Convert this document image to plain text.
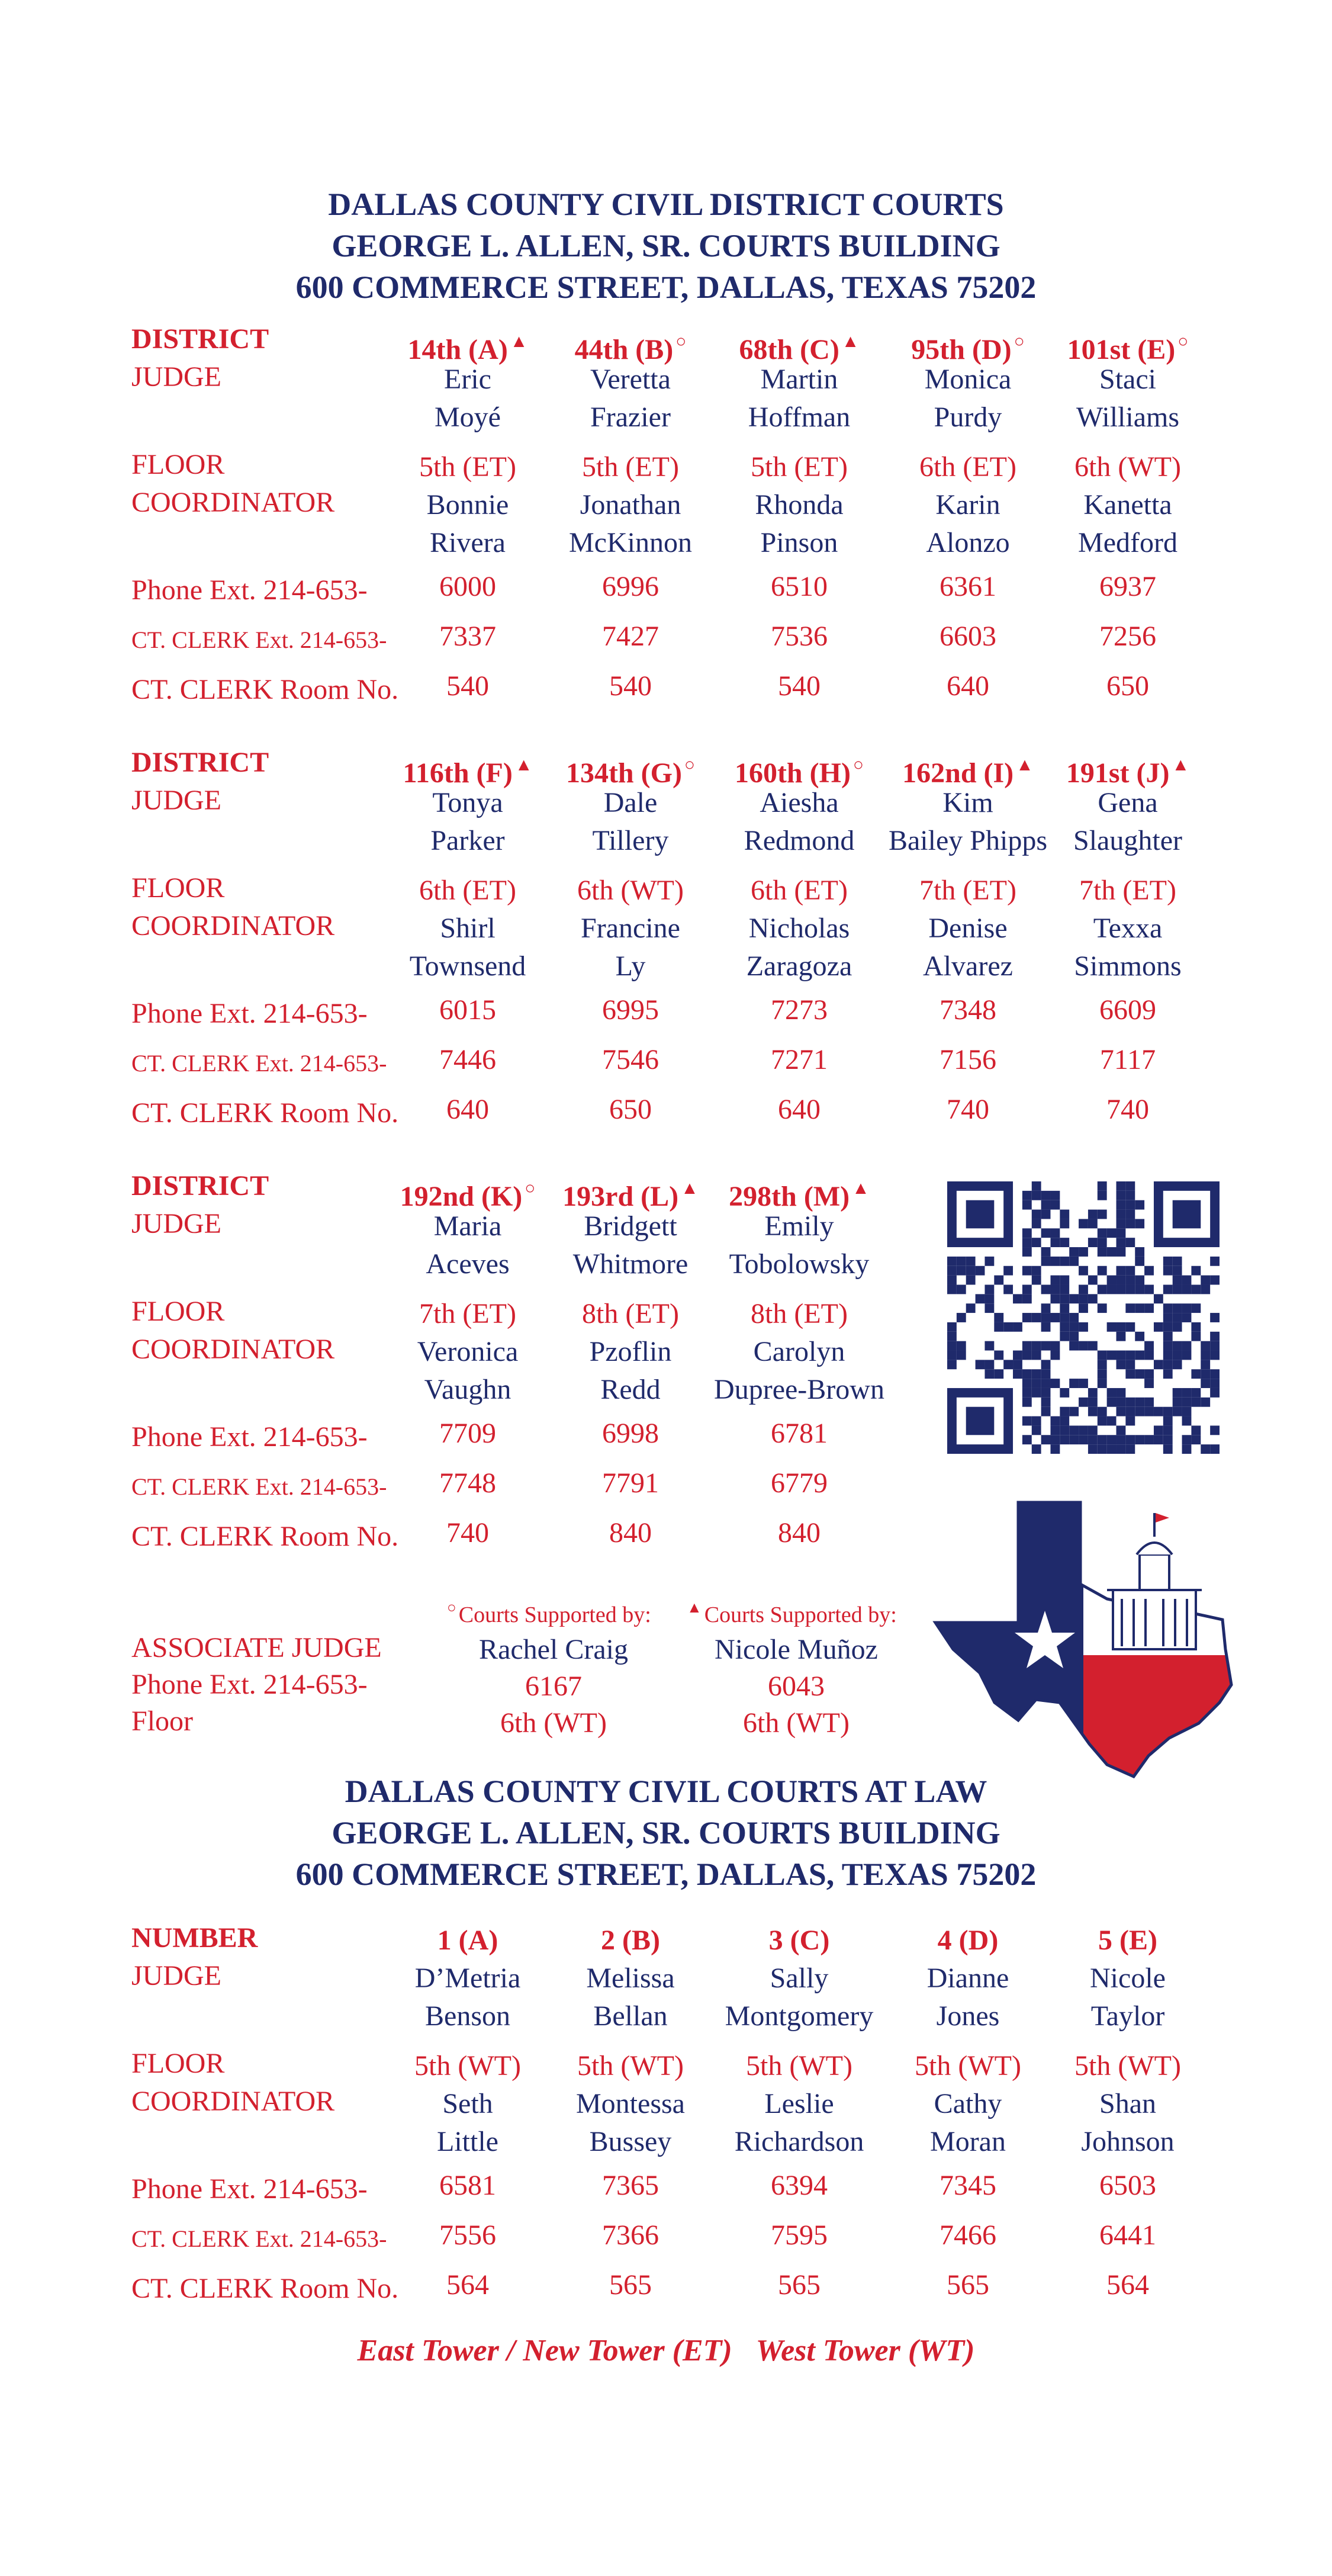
DALLAS COUNTY CIVIL DISTRICT COURTS
GEORGE L. ALLEN, SR. COURTS BUILDING
600 COMMERCE STREET, DALLAS, TEXAS 75202
DISTRICT
JUDGE
FLOOR
COORDINATOR
Phone Ext. 214-653-
CT. CLERK Ext. 214-653-
CT. CLERK Room No.
14th (A) ▲
Eric
Moyé
5th (ET)
Bonnie
Rivera
6000
7337
540
44th (B) ○
Veretta
Frazier
5th (ET)
Jonathan
McKinnon
6996
7427
540
68th (C) ▲
Martin
Hoffman
5th (ET)
Rhonda
Pinson
6510
7536
540
95th (D) ○
Monica
Purdy
6th (ET)
Karin
Alonzo
6361
6603
640
101st (E) ○
Staci
Williams
6th (WT)
Kanetta
Medford
6937
7256
650
DISTRICT
JUDGE
FLOOR
COORDINATOR
Phone Ext. 214-653-
CT. CLERK Ext. 214-653-
CT. CLERK Room No.
116th (F) ▲
Tonya
Parker
6th (ET)
Shirl
Townsend
6015
7446
640
134th (G) ○
Dale
Tillery
6th (WT)
Francine
Ly
6995
7546
650
160th (H) ○
Aiesha
Redmond
6th (ET)
Nicholas
Zaragoza
7273
7271
640
162nd (I) ▲
Kim
Bailey Phipps
7th (ET)
Denise
Alvarez
7348
7156
740
191st (J) ▲
Gena
Slaughter
7th (ET)
Texxa
Simmons
6609
7117
740
DISTRICT
JUDGE
FLOOR
COORDINATOR
Phone Ext. 214-653-
CT. CLERK Ext. 214-653-
CT. CLERK Room No.
192nd (K) ○
Maria
Aceves
7th (ET)
Veronica
Vaughn
7709
7748
740
193rd (L) ▲
Bridgett
Whitmore
8th (ET)
Pzoflin
Redd
6998
7791
840
298th (M) ▲
Emily
Tobolowsky
8th (ET)
Carolyn
Dupree-Brown
6781
6779
840
NUMBER
JUDGE
FLOOR
COORDINATOR
Phone Ext. 214-653-
CT. CLERK Ext. 214-653-
CT. CLERK Room No.
1 (A)
D’Metria
Benson
5th (WT)
Seth
Little
6581
7556
564
2 (B)
Melissa
Bellan
5th (WT)
Montessa
Bussey
7365
7366
565
3 (C)
Sally
Montgomery
5th (WT)
Leslie
Richardson
6394
7595
565
4 (D)
Dianne
Jones
5th (WT)
Cathy
Moran
7345
7466
565
5 (E)
Nicole
Taylor
5th (WT)
Shan
Johnson
6503
6441
564
ASSOCIATE JUDGE
Phone Ext. 214-653-
Floor
○ Courts Supported by:
Rachel Craig
6167
6th (WT)
▲ Courts Supported by:
Nicole Muñoz
6043
6th (WT)
DALLAS COUNTY CIVIL COURTS AT LAW
GEORGE L. ALLEN, SR. COURTS BUILDING
600 COMMERCE STREET, DALLAS, TEXAS 75202
East Tower / New Tower (ET) West Tower (WT)
